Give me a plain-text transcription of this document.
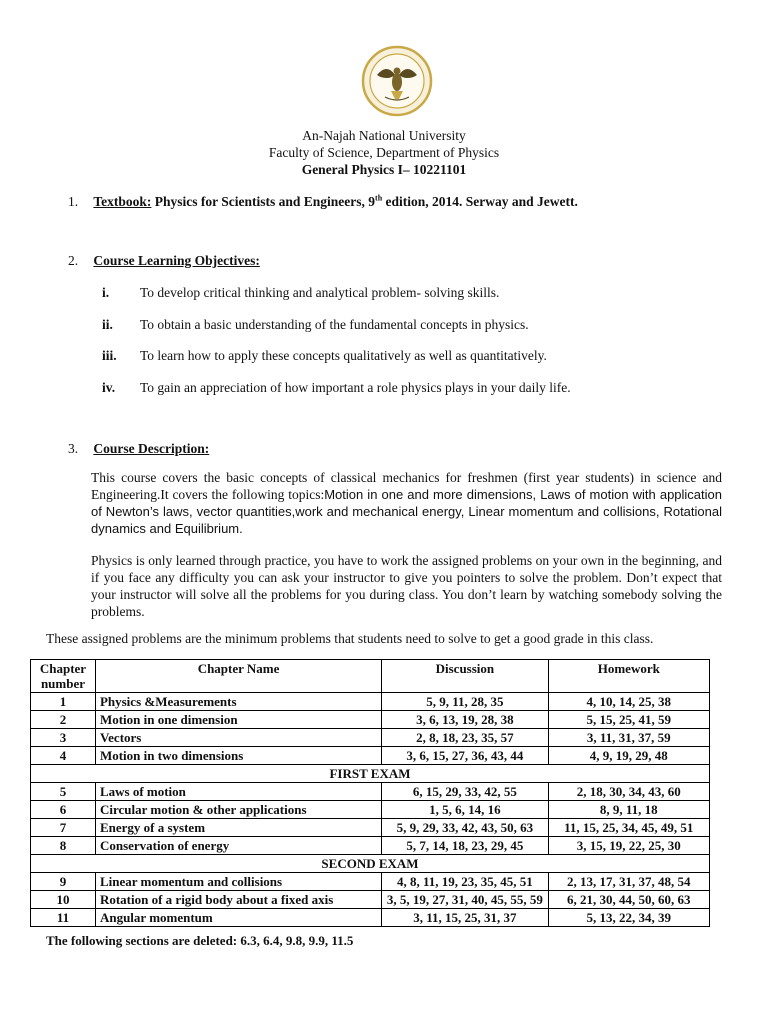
An-Najah National University
Faculty of Science, Department of Physics
General Physics I– 10221101
1. Textbook: Physics for Scientists and Engineers, 9th edition, 2014. Serway and Jewett.
2. Course Learning Objectives:
i. To develop critical thinking and analytical problem- solving skills.
ii. To obtain a basic understanding of the fundamental concepts in physics.
iii. To learn how to apply these concepts qualitatively as well as quantitatively.
iv. To gain an appreciation of how important a role physics plays in your daily life.
3. Course Description:
This course covers the basic concepts of classical mechanics for freshmen (first year students) in science and Engineering.It covers the following topics:Motion in one and more dimensions, Laws of motion with application of Newton’s laws, vector quantities,work and mechanical energy, Linear momentum and collisions, Rotational dynamics and Equilibrium.
Physics is only learned through practice, you have to work the assigned problems on your own in the beginning, and if you face any difficulty you can ask your instructor to give you pointers to solve the problem. Don’t expect that your instructor will solve all the problems for you during class. You don’t learn by watching somebody solving the problems.
These assigned problems are the minimum problems that students need to solve to get a good grade in this class.
Chapter number	Chapter Name	Discussion	Homework
1	Physics &Measurements	5, 9, 11, 28, 35	4, 10, 14, 25, 38
2	Motion in one dimension	3, 6, 13, 19, 28, 38	5, 15, 25, 41, 59
3	Vectors	2, 8, 18, 23, 35, 57	3, 11, 31, 37, 59
4	Motion in two dimensions	3, 6, 15, 27, 36, 43, 44	4, 9, 19, 29, 48
FIRST EXAM			
5	Laws of motion	6, 15, 29, 33, 42, 55	2, 18, 30, 34, 43, 60
6	Circular motion & other applications	1, 5, 6, 14, 16	8, 9, 11, 18
7	Energy of a system	5, 9, 29, 33, 42, 43, 50, 63	11, 15, 25, 34, 45, 49, 51
8	Conservation of energy	5, 7, 14, 18, 23, 29, 45	3, 15, 19, 22, 25, 30
SECOND EXAM			
9	Linear momentum and collisions	4, 8, 11, 19, 23, 35, 45, 51	2, 13, 17, 31, 37, 48, 54
10	Rotation of a rigid body about a fixed axis	3, 5, 19, 27, 31, 40, 45, 55, 59	6, 21, 30, 44, 50, 60, 63
11	Angular momentum	3, 11, 15, 25, 31, 37	5, 13, 22, 34, 39
The following sections are deleted: 6.3, 6.4, 9.8, 9.9, 11.5
